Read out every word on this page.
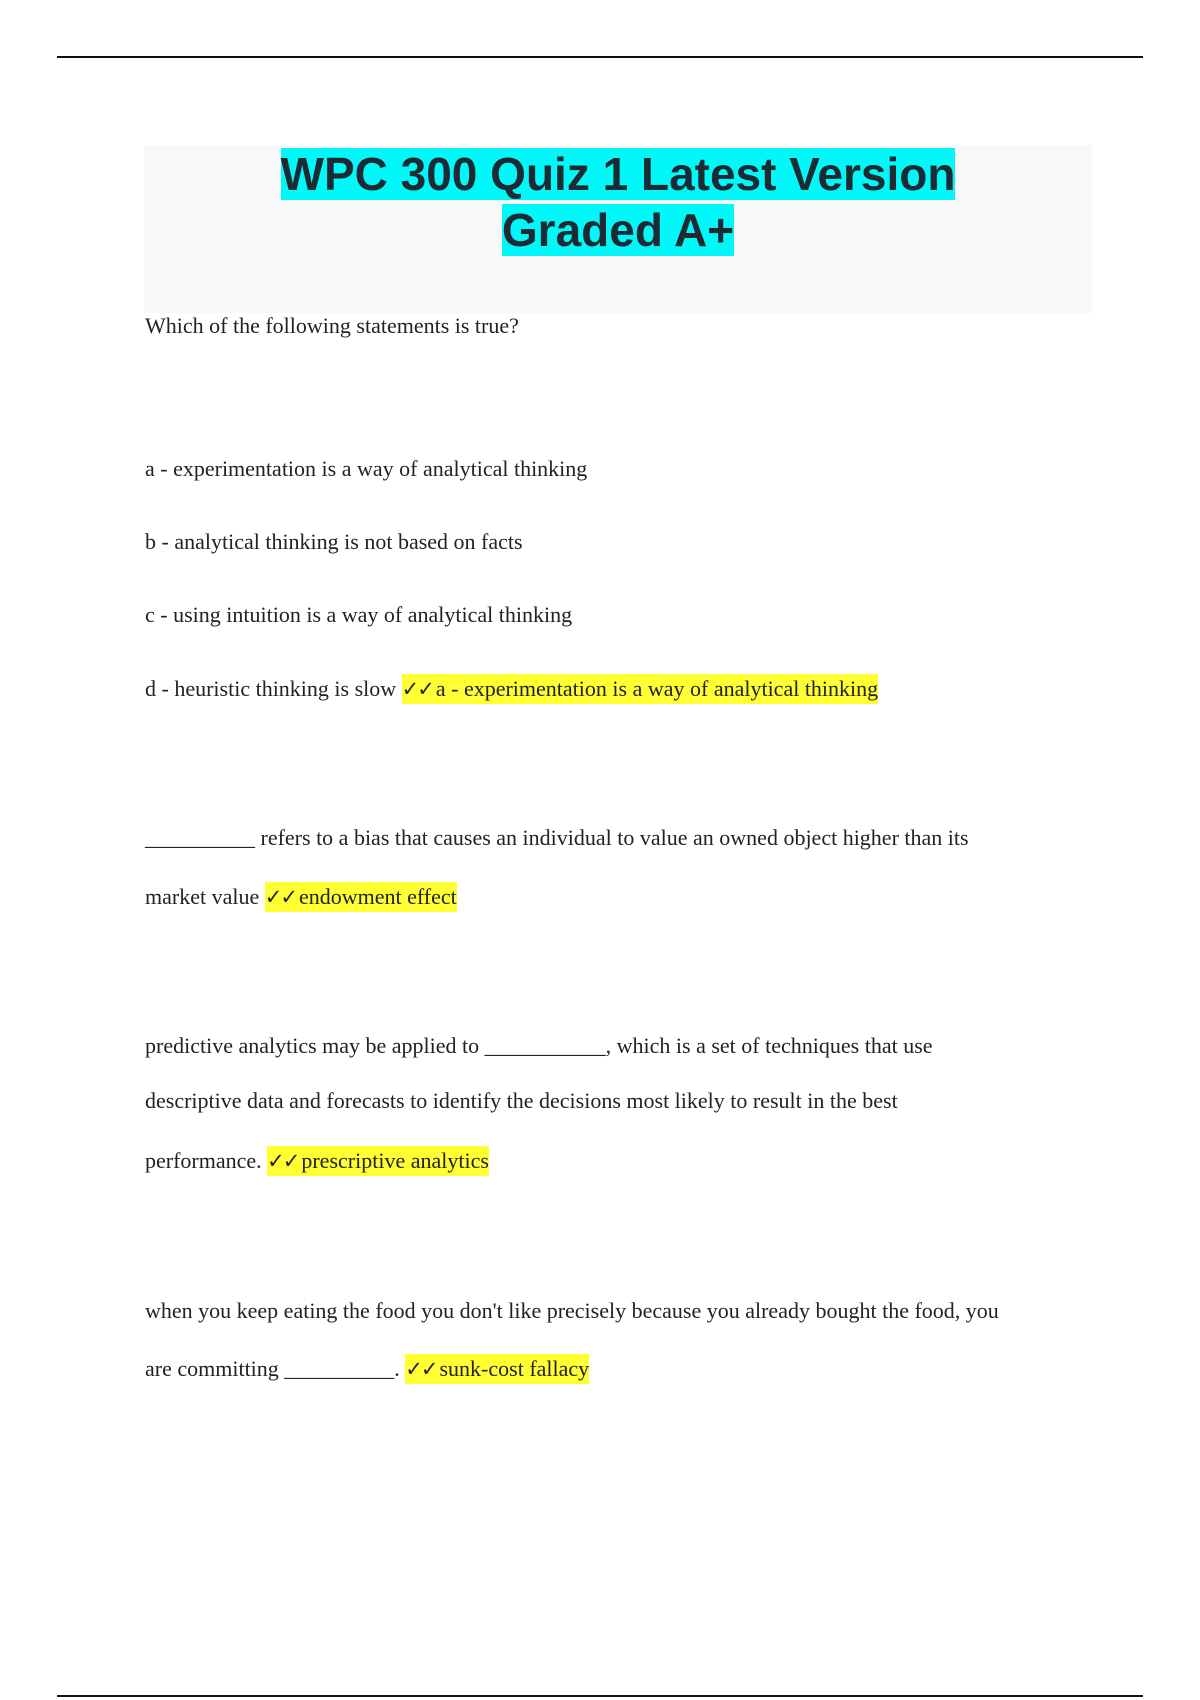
WPC 300 Quiz 1 Latest Version
Graded A+
Which of the following statements is true?
a - experimentation is a way of analytical thinking
b - analytical thinking is not based on facts
c - using intuition is a way of analytical thinking
d - heuristic thinking is slow ✓✓ a - experimentation is a way of analytical thinking
__________ refers to a bias that causes an individual to value an owned object higher than its
market value ✓✓ endowment effect
predictive analytics may be applied to ___________, which is a set of techniques that use
descriptive data and forecasts to identify the decisions most likely to result in the best
performance. ✓✓ prescriptive analytics
when you keep eating the food you don't like precisely because you already bought the food, you
are committing __________. ✓✓ sunk-cost fallacy
